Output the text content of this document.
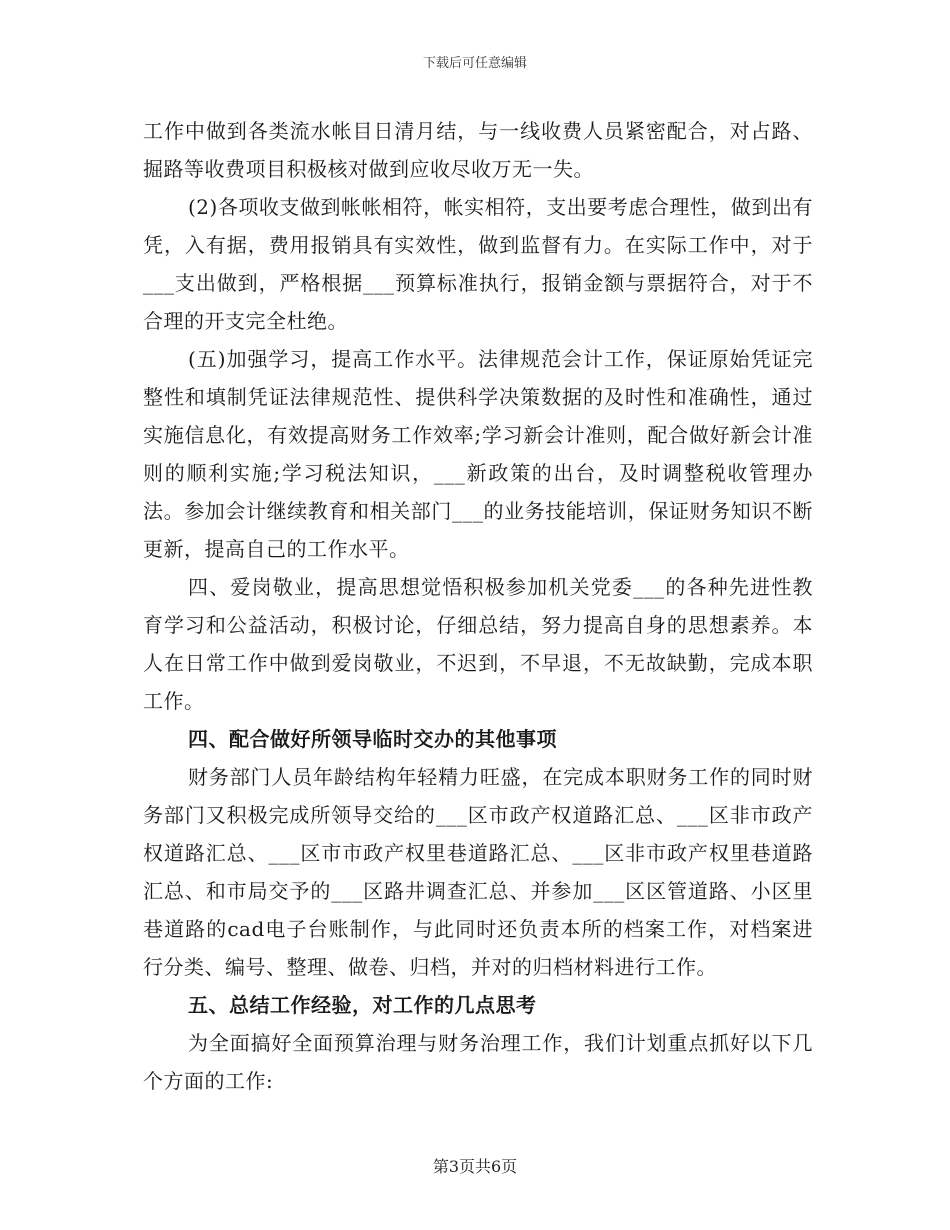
下载后可任意编辑

工作中做到各类流水帐目日清月结，与一线收费人员紧密配合，对占路、掘路等收费项目积极核对做到应收尽收万无一失。

(2)各项收支做到帐帐相符，帐实相符，支出要考虑合理性，做到出有凭，入有据，费用报销具有实效性，做到监督有力。在实际工作中，对于___支出做到，严格根据___预算标准执行，报销金额与票据符合，对于不合理的开支完全杜绝。

(五)加强学习，提高工作水平。法律规范会计工作，保证原始凭证完整性和填制凭证法律规范性、提供科学决策数据的及时性和准确性，通过实施信息化，有效提高财务工作效率;学习新会计准则，配合做好新会计准则的顺利实施;学习税法知识，___新政策的出台，及时调整税收管理办法。参加会计继续教育和相关部门___的业务技能培训，保证财务知识不断更新，提高自己的工作水平。

四、爱岗敬业，提高思想觉悟积极参加机关党委___的各种先进性教育学习和公益活动，积极讨论，仔细总结，努力提高自身的思想素养。本人在日常工作中做到爱岗敬业，不迟到，不早退，不无故缺勤，完成本职工作。

四、配合做好所领导临时交办的其他事项

财务部门人员年龄结构年轻精力旺盛，在完成本职财务工作的同时财务部门又积极完成所领导交给的___区市政产权道路汇总、___区非市政产权道路汇总、___区市市政产权里巷道路汇总、___区非市政产权里巷道路汇总、和市局交予的___区路井调查汇总、并参加___区区管道路、小区里巷道路的cad电子台账制作，与此同时还负责本所的档案工作，对档案进行分类、编号、整理、做卷、归档，并对的归档材料进行工作。

五、总结工作经验，对工作的几点思考

为全面搞好全面预算治理与财务治理工作，我们计划重点抓好以下几个方面的工作:

第3页共6页
